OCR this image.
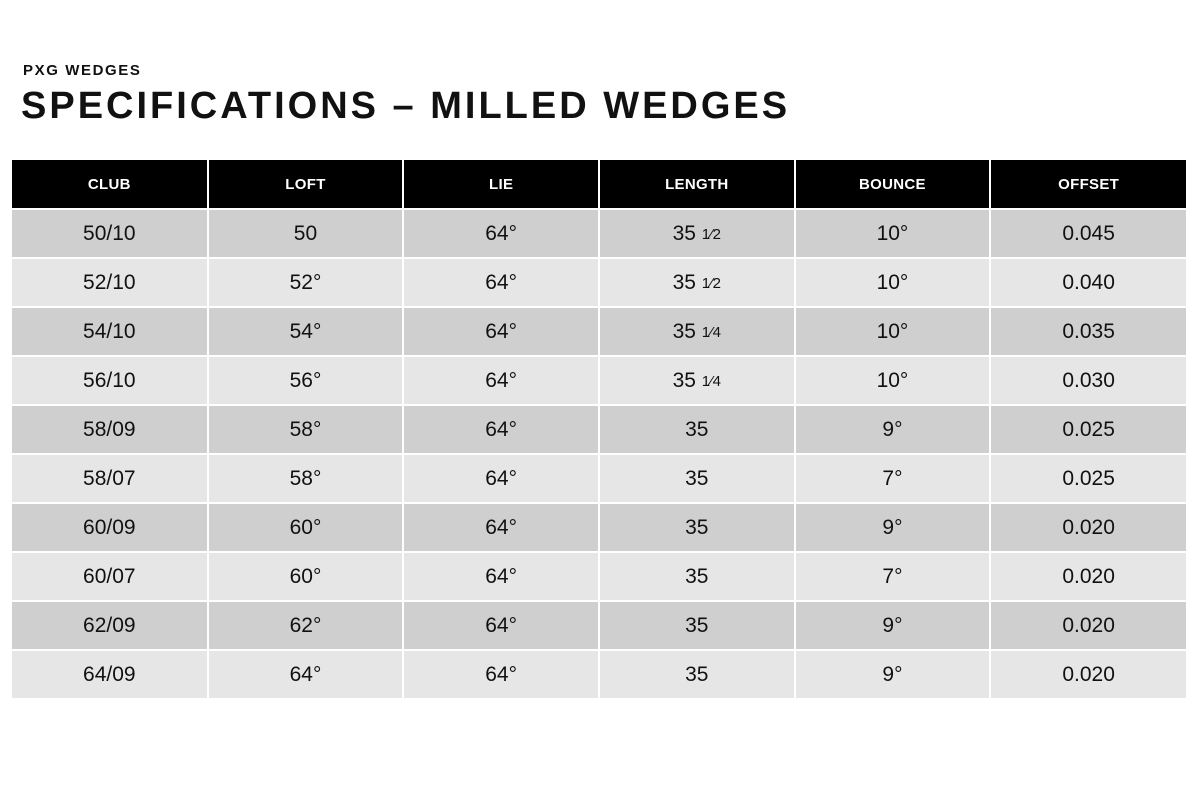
PXG WEDGES
SPECIFICATIONS – MILLED WEDGES
CLUB	LOFT	LIE	LENGTH	BOUNCE	OFFSET
50/10	50	64°	35 1⁄2	10°	0.045
52/10	52°	64°	35 1⁄2	10°	0.040
54/10	54°	64°	35 1⁄4	10°	0.035
56/10	56°	64°	35 1⁄4	10°	0.030
58/09	58°	64°	35	9°	0.025
58/07	58°	64°	35	7°	0.025
60/09	60°	64°	35	9°	0.020
60/07	60°	64°	35	7°	0.020
62/09	62°	64°	35	9°	0.020
64/09	64°	64°	35	9°	0.020
